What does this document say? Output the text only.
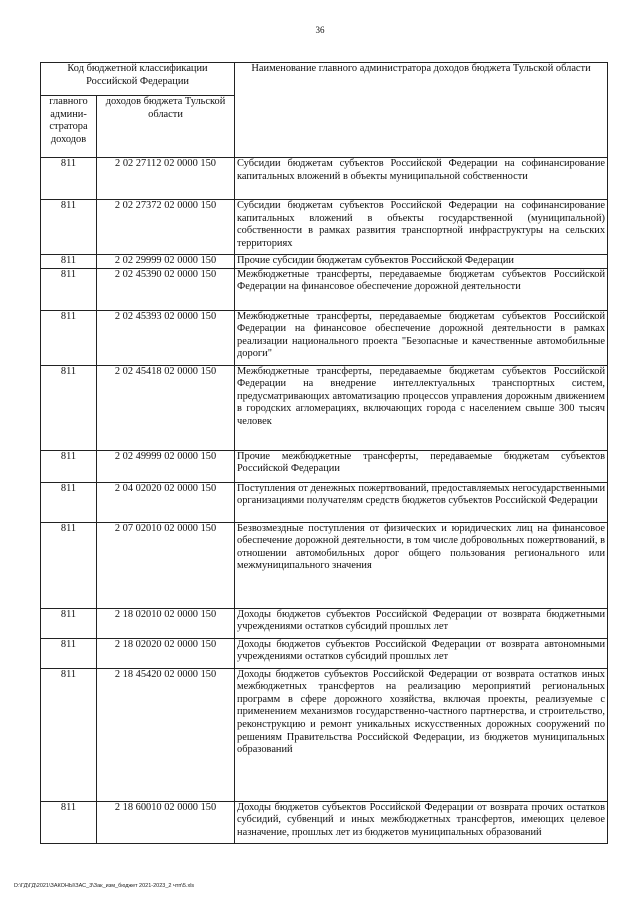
36
Код бюджетной классификации Российской Федерации		Наименование главного администратора доходов бюджета Тульской области
главного админи-стратора доходов	доходов бюджета Тульской области	
811	2 02 27112 02 0000 150	Субсидии бюджетам субъектов Российской Федерации на софинансирование капитальных вложений в объекты муниципальной собственности
811	2 02 27372 02 0000 150	Субсидии бюджетам субъектов Российской Федерации на софинансирование капитальных вложений в объекты государственной (муниципальной) собственности в рамках развития транспортной инфраструктуры на сельских территориях
811	2 02 29999 02 0000 150	Прочие субсидии бюджетам субъектов Российской Федерации
811	2 02 45390 02 0000 150	Межбюджетные трансферты, передаваемые бюджетам субъектов Российской Федерации на финансовое обеспечение дорожной деятельности
811	2 02 45393 02 0000 150	Межбюджетные трансферты, передаваемые бюджетам субъектов Российской Федерации на финансовое обеспечение дорожной деятельности в рамках реализации национального проекта "Безопасные и качественные автомобильные дороги"
811	2 02 45418 02 0000 150	Межбюджетные трансферты, передаваемые бюджетам субъектов Российской Федерации на внедрение интеллектуальных транспортных систем, предусматривающих автоматизацию процессов управления дорожным движением в городских агломерациях, включающих города с населением свыше 300 тысяч человек
811	2 02 49999 02 0000 150	Прочие межбюджетные трансферты, передаваемые бюджетам субъектов Российской Федерации
811	2 04 02020 02 0000 150	Поступления от денежных пожертвований, предоставляемых негосударственными организациями получателям средств бюджетов субъектов Российской Федерации
811	2 07 02010 02 0000 150	Безвозмездные поступления от физических и юридических лиц на финансовое обеспечение дорожной деятельности, в том числе добровольных пожертвований, в отношении автомобильных дорог общего пользования регионального или межмуниципального значения
811	2 18 02010 02 0000 150	Доходы бюджетов субъектов Российской Федерации от возврата бюджетными учреждениями остатков субсидий прошлых лет
811	2 18 02020 02 0000 150	Доходы бюджетов субъектов Российской Федерации от возврата автономными учреждениями остатков субсидий прошлых лет
811	2 18 45420 02 0000 150	Доходы бюджетов субъектов Российской Федерации от возврата остатков иных межбюджетных трансфертов на реализацию мероприятий региональных программ в сфере дорожного хозяйства, включая проекты, реализуемые с применением механизмов государственно-частного партнерства, и строительство, реконструкцию и ремонт уникальных искусственных дорожных сооружений по решениям Правительства Российской Федерации, из бюджетов муниципальных образований
811	2 18 60010 02 0000 150	Доходы бюджетов субъектов Российской Федерации от возврата прочих остатков субсидий, субвенций и иных межбюджетных трансфертов, имеющих целевое назначение, прошлых лет из бюджетов муниципальных образований
D:\ГД\ГД\2021\ЗАКОНЫ\ЗАС_3\Зак_изм_бюджет 2021-2023_2 чтп\5.xls
